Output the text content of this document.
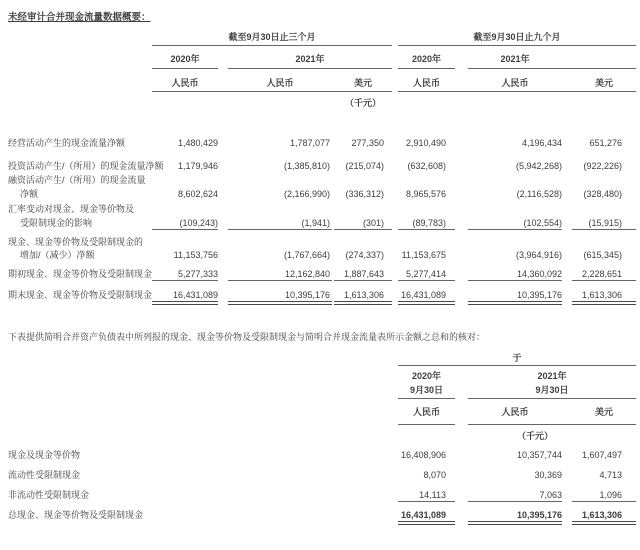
未经审计合并现金流量数据概要：
截至9月30日止三个月	截至9月30日止九个月
2020年	2021年	2020年	2021年
人民币	人民币	美元	人民币	人民币	美元
（千元）
经营活动产生的现金流量净额	1,480,429	1,787,077	277,350	2,910,490	4,196,434	651,276
投资活动产生/（所用）的现金流量净额	1,179,946	(1,385,810)	(215,074)	(632,608)	(5,942,268)	(922,226)
融资活动产生/（所用）的现金流量
净额	8,602,624	(2,166,990)	(336,312)	8,965,576	(2,116,528)	(328,480)
汇率变动对现金、现金等价物及
受限制现金的影响	(109,243)	(1,941)	(301)	(89,783)	(102,554)	(15,915)
现金、现金等价物及受限制现金的
增加/（减少）净额	11,153,756	(1,767,664)	(274,337)	11,153,675	(3,964,916)	(615,345)
期初现金、现金等价物及受限制现金	5,277,333	12,162,840	1,887,643	5,277,414	14,360,092	2,228,651
期末现金、现金等价物及受限制现金	16,431,089	10,395,176	1,613,306	16,431,089	10,395,176	1,613,306
下表提供简明合并资产负债表中所列报的现金、现金等价物及受限制现金与简明合并现金流量表所示金额之总和的核对：
于
2020年	2021年
9月30日	9月30日
人民币	人民币	美元
（千元）
现金及现金等价物	16,408,906	10,357,744	1,607,497
流动性受限制现金	8,070	30,369	4,713
非流动性受限制现金	14,113	7,063	1,096
总现金、现金等价物及受限制现金	16,431,089	10,395,176	1,613,306
